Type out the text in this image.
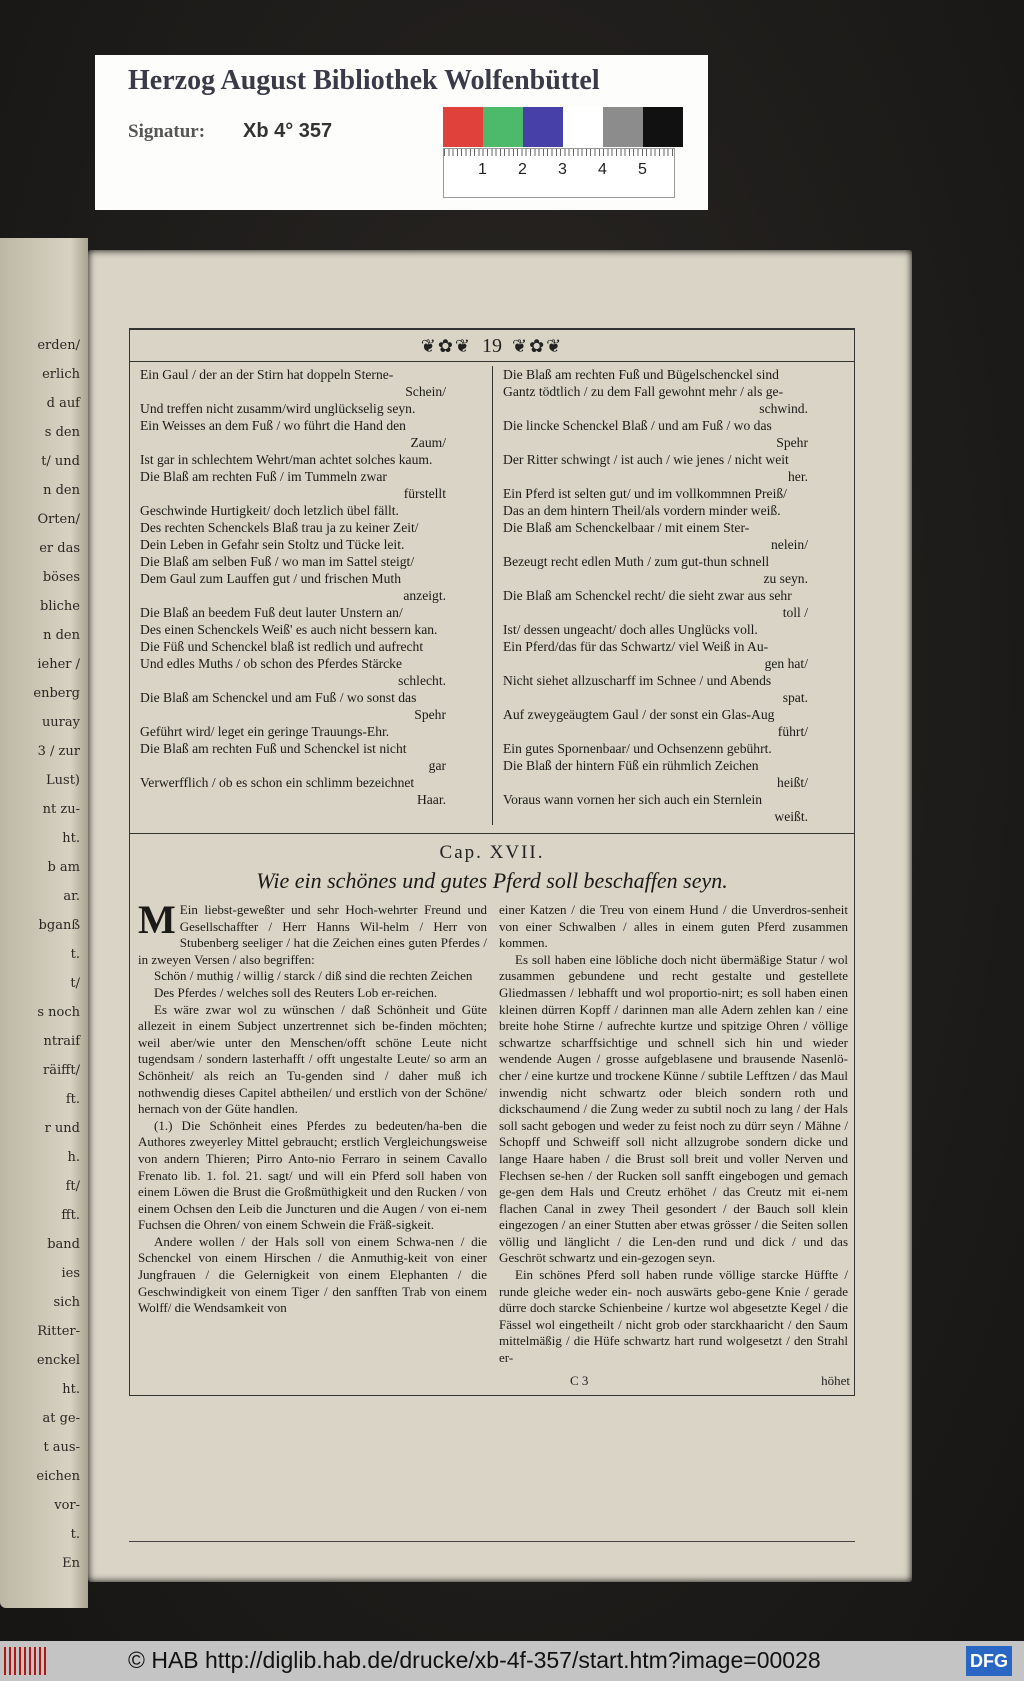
erden/
erlich
d auf
s den
t/ und
n den
Orten/
er das
böses
bliche
n den
ieher /
enberg
uuray
3 / zur
Lust)
nt zu-
ht.
b am
ar.
bganß
t.
t/
s noch
ntraif
räifft/
ft.
r und
h.
ft/
fft.
band
ies
sich
Ritter-
enckel
ht.
at ge-
t aus-
eichen
vor-
t.
En
❦✿❦ 19 ❦✿❦

Ein Gaul / der an der Stirn hat doppeln Sterne-

Schein/

Und treffen nicht zusamm/wird unglückselig seyn.

Ein Weisses an dem Fuß / wo führt die Hand den

Zaum/

Ist gar in schlechtem Wehrt/man achtet solches kaum.

Die Blaß am rechten Fuß / im Tummeln zwar

fürstellt

Geschwinde Hurtigkeit/ doch letzlich übel fällt.

Des rechten Schenckels Blaß trau ja zu keiner Zeit/

Dein Leben in Gefahr sein Stoltz und Tücke leit.

Die Blaß am selben Fuß / wo man im Sattel steigt/

Dem Gaul zum Lauffen gut / und frischen Muth

anzeigt.

Die Blaß an beedem Fuß deut lauter Unstern an/

Des einen Schenckels Weiß' es auch nicht bessern kan.

Die Füß und Schenckel blaß ist redlich und aufrecht

Und edles Muths / ob schon des Pferdes Stärcke

schlecht.

Die Blaß am Schenckel und am Fuß / wo sonst das

Spehr

Geführt wird/ leget ein geringe Trauungs-Ehr.

Die Blaß am rechten Fuß und Schenckel ist nicht

gar

Verwerfflich / ob es schon ein schlimm bezeichnet

Haar.

Die Blaß am rechten Fuß und Bügelschenckel sind

Gantz tödtlich / zu dem Fall gewohnt mehr / als ge-

schwind.

Die lincke Schenckel Blaß / und am Fuß / wo das

Spehr

Der Ritter schwingt / ist auch / wie jenes / nicht weit

her.

Ein Pferd ist selten gut/ und im vollkommnen Preiß/

Das an dem hintern Theil/als vordern minder weiß.

Die Blaß am Schenckelbaar / mit einem Ster-

nelein/

Bezeugt recht edlen Muth / zum gut-thun schnell

zu seyn.

Die Blaß am Schenckel recht/ die sieht zwar aus sehr

toll /

Ist/ dessen ungeacht/ doch alles Unglücks voll.

Ein Pferd/das für das Schwartz/ viel Weiß in Au-

gen hat/

Nicht siehet allzuscharff im Schnee / und Abends

spat.

Auf zweygeäugtem Gaul / der sonst ein Glas-Aug

führt/

Ein gutes Spornenbaar/ und Ochsenzenn gebührt.

Die Blaß der hintern Füß ein rühmlich Zeichen

heißt/

Voraus wann vornen her sich auch ein Sternlein

weißt.

Cap. XVII.
Wie ein schönes und gutes Pferd soll beschaffen seyn.
M Ein liebst-geweßter und sehr Hoch-wehrter Freund und Gesellschaffter / Herr Hanns Wil-helm / Herr von Stubenberg seeliger / hat die Zeichen eines guten Pferdes / in zweyen Versen / also begriffen:
Schön / muthig / willig / starck / diß sind die rechten Zeichen
Des Pferdes / welches soll des Reuters Lob er-reichen.
Es wäre zwar wol zu wünschen / daß Schönheit und Güte allezeit in einem Subject unzertrennet sich be-finden möchten; weil aber/wie unter den Menschen/offt schöne Leute nicht tugendsam / sondern lasterhafft / offt ungestalte Leute/ so arm an Schönheit/ als reich an Tu-genden sind / daher muß ich nothwendig dieses Capitel abtheilen/ und erstlich von der Schöne/ hernach von der Güte handlen.
(1.) Die Schönheit eines Pferdes zu bedeuten/ha-ben die Authores zweyerley Mittel gebraucht; erstlich Vergleichungsweise von andern Thieren; Pirro Anto-nio Ferraro in seinem Cavallo Frenato lib. 1. fol. 21. sagt/ und will ein Pferd soll haben von einem Löwen die Brust die Großmüthigkeit und den Rucken / von einem Ochsen den Leib die Juncturen und die Augen / von ei-nem Fuchsen die Ohren/ von einem Schwein die Fräß-sigkeit.
Andere wollen / der Hals soll von einem Schwa-nen / die Schenckel von einem Hirschen / die Anmuthig-keit von einer Jungfrauen / die Gelernigkeit von einem Elephanten / die Geschwindigkeit von einem Tiger / den sanfften Trab von einem Wolff/ die Wendsamkeit von
einer Katzen / die Treu von einem Hund / die Unverdros-senheit von einer Schwalben / alles in einem guten Pferd zusammen kommen.
Es soll haben eine löbliche doch nicht übermäßige Statur / wol zusammen gebundene und recht gestalte und gestellete Gliedmassen / lebhafft und wol proportio-nirt; es soll haben einen kleinen dürren Kopff / darinnen man alle Adern zehlen kan / eine breite hohe Stirne / aufrechte kurtze und spitzige Ohren / völlige schwartze scharffsichtige und schnell sich hin und wieder wendende Augen / grosse aufgeblasene und brausende Nasenlö-cher / eine kurtze und trockene Künne / subtile Lefftzen / das Maul inwendig nicht schwartz oder bleich sondern roth und dickschaumend / die Zung weder zu subtil noch zu lang / der Hals soll sacht gebogen und weder zu feist noch zu dürr seyn / Mähne / Schopff und Schweiff soll nicht allzugrobe sondern dicke und lange Haare haben / die Brust soll breit und voller Nerven und Flechsen se-hen / der Rucken soll sanfft eingebogen und gemach ge-gen dem Hals und Creutz erhöhet / das Creutz mit ei-nem flachen Canal in zwey Theil gesondert / der Bauch soll klein eingezogen / an einer Stutten aber etwas grösser / die Seiten sollen völlig und länglicht / die Len-den rund und dick / und das Geschröt schwartz und ein-gezogen seyn.
Ein schönes Pferd soll haben runde völlige starcke Hüffte / runde gleiche weder ein- noch auswärts gebo-gene Knie / gerade dürre doch starcke Schienbeine / kurtze wol abgesetzte Kegel / die Fässel wol eingetheilt / nicht grob oder starckhaaricht / den Saum mittelmäßig / die Hüfe schwartz hart rund wolgesetzt / den Strahl er-
C 3	höhet
Herzog August Bibliothek Wolfenbüttel
Signatur: Xb 4° 357
1 2 3 4 5
© HAB http://diglib.hab.de/drucke/xb-4f-357/start.htm?image=00028	DFG
